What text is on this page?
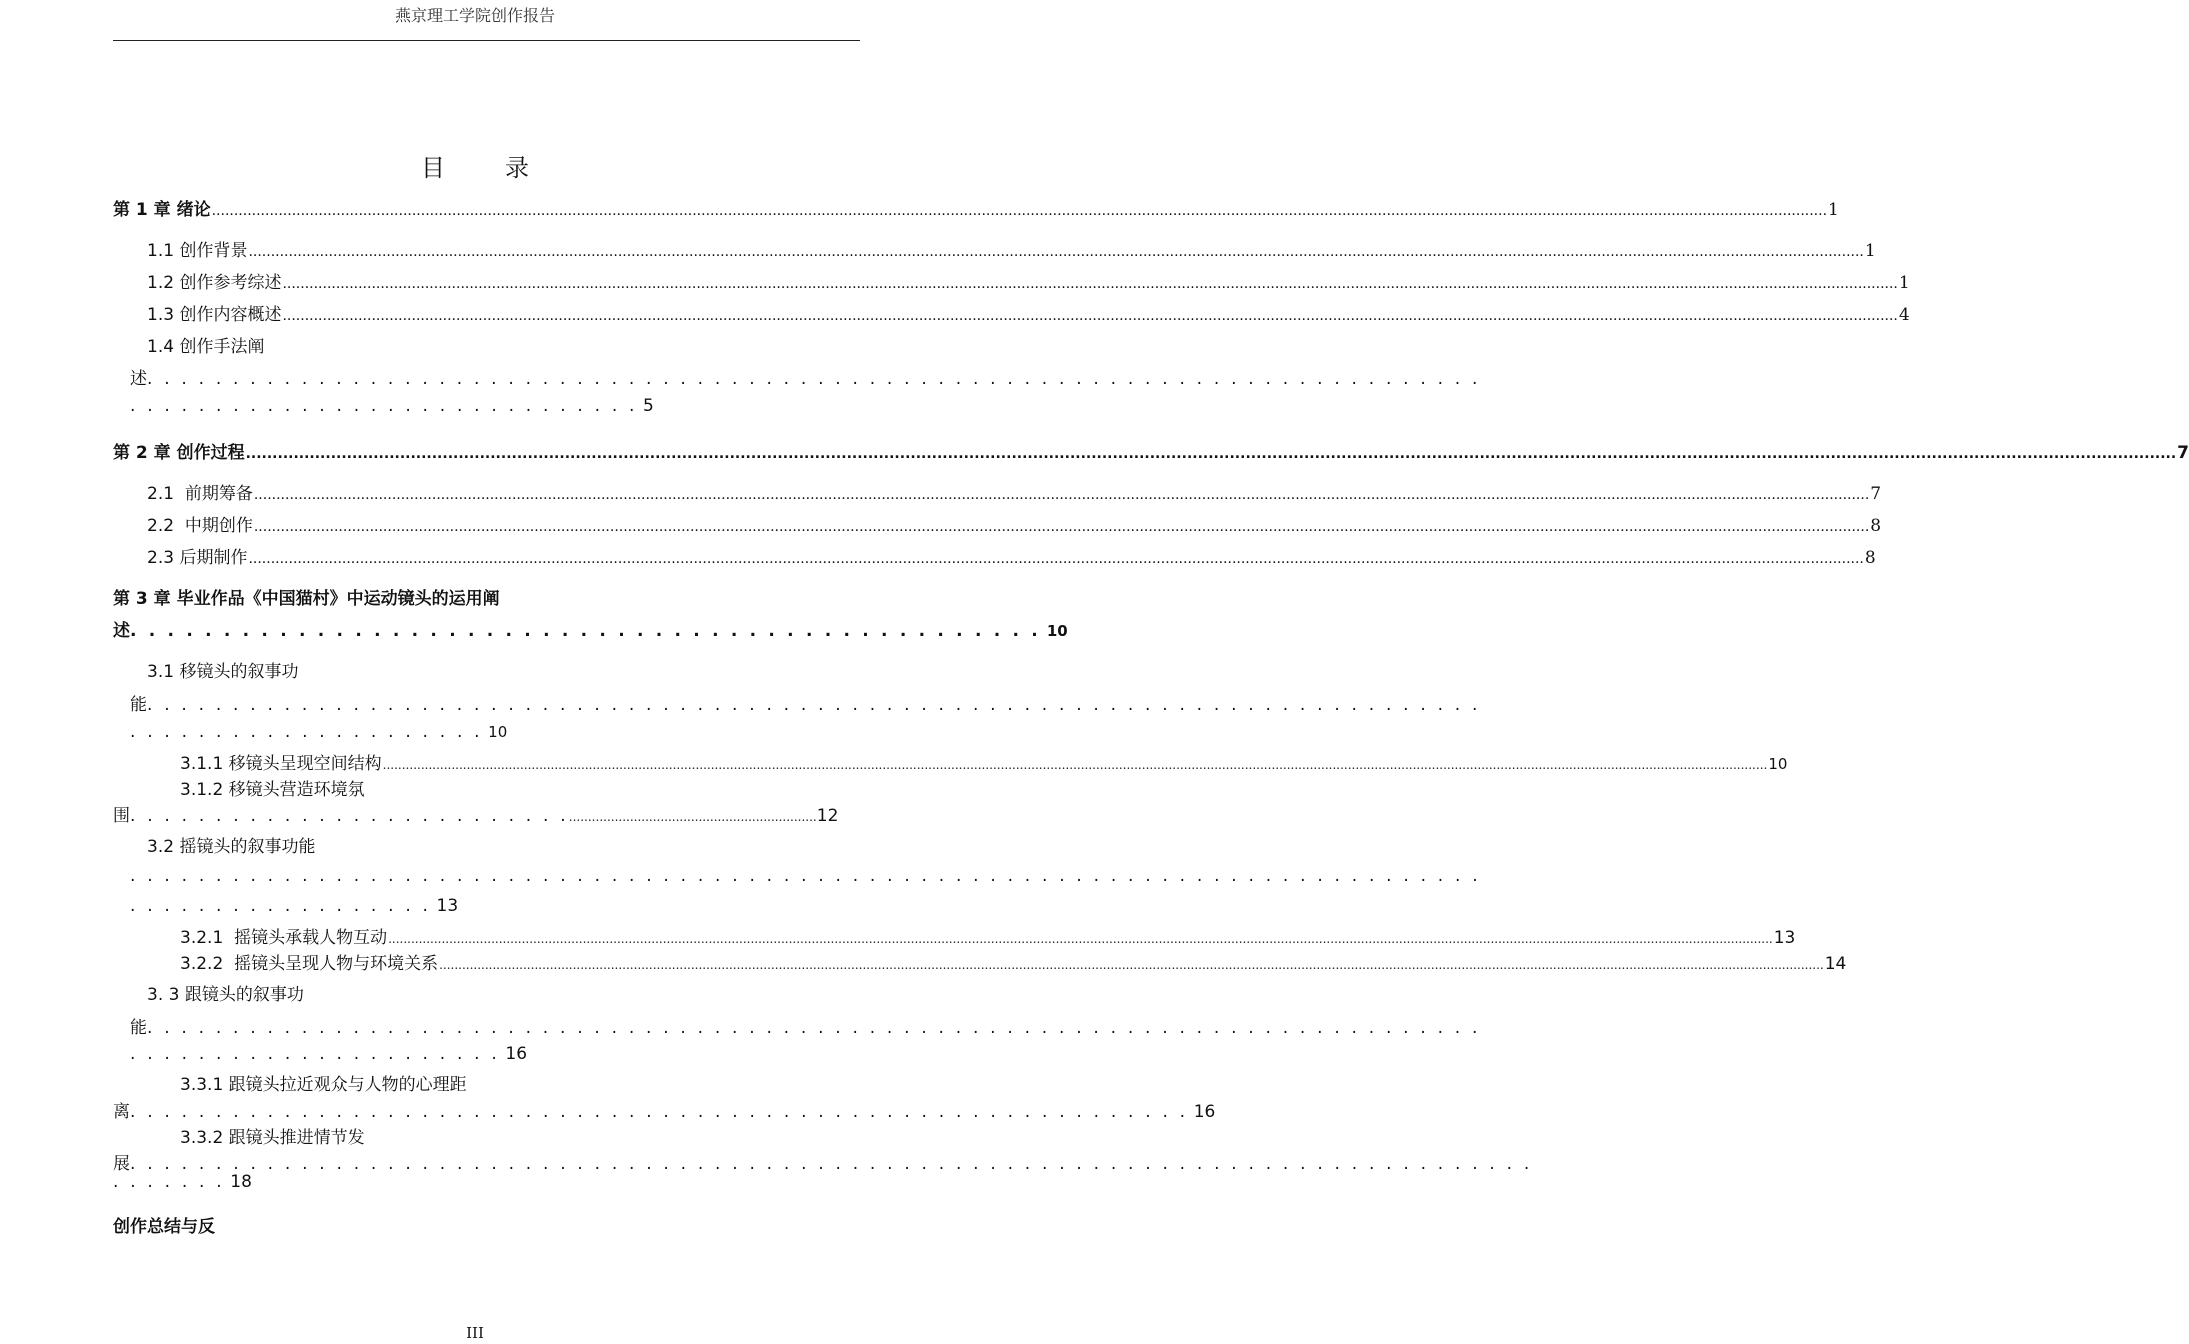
燕京理工学院创作报告
目　录
第 1 章 绪论 .....	1
1.1 创作背景 .....	1
1.2 创作参考综述 .....	1
1.3 创作内容概述 .....	4
1.4 创作手法阐
述. . . . . . . . . . . . . . . . . . . . . . . . . . . . . . . . . . . . . . . . . . . . . . . . . . . . . . . . . . . . . . . . . . . . . . . . . . . . . .
. . . . . . . . . . . . . . . . . . . . . . . . . . . . . . 5
第 2 章 创作过程 .....	7
2.1 前期筹备 .....	7
2.2 中期创作 .....	8
2.3 后期制作 .....	8
第 3 章 毕业作品《中国猫村》中运动镜头的运用阐
述. . . . . . . . . . . . . . . . . . . . . . . . . . . . . . . . . . . . . . . . . . . . . . . . . 10
3.1 移镜头的叙事功
能. . . . . . . . . . . . . . . . . . . . . . . . . . . . . . . . . . . . . . . . . . . . . . . . . . . . . . . . . . . . . . . . . . . . . . . . . . . . . .
. . . . . . . . . . . . . . . . . . . . . 10
3.1.1 移镜头呈现空间结构 .....	10
3.1.2 移镜头营造环境氛
围. . . . . . . . . . . . . . . . . . . . . . . . . ..................................................................12
3.2 摇镜头的叙事功能
. . . . . . . . . . . . . . . . . . . . . . . . . . . . . . . . . . . . . . . . . . . . . . . . . . . . . . . . . . . . . . . . . . . . . . . . . . . . . . .
. . . . . . . . . . . . . . . . . . 13
3.2.1 摇镜头承载人物互动 .....	13
3.2.2 摇镜头呈现人物与环境关系 .....	14
3. 3 跟镜头的叙事功
能. . . . . . . . . . . . . . . . . . . . . . . . . . . . . . . . . . . . . . . . . . . . . . . . . . . . . . . . . . . . . . . . . . . . . . . . . . . . . .
. . . . . . . . . . . . . . . . . . . . . . 16
3.3.1 跟镜头拉近观众与人物的心理距
离. . . . . . . . . . . . . . . . . . . . . . . . . . . . . . . . . . . . . . . . . . . . . . . . . . . . . . . . . . . . . . 16
3.3.2 跟镜头推进情节发
展. . . . . . . . . . . . . . . . . . . . . . . . . . . . . . . . . . . . . . . . . . . . . . . . . . . . . . . . . . . . . . . . . . . . . . . . . . . . . . . . . .
. . . . . . . 18
创作总结与反
III
